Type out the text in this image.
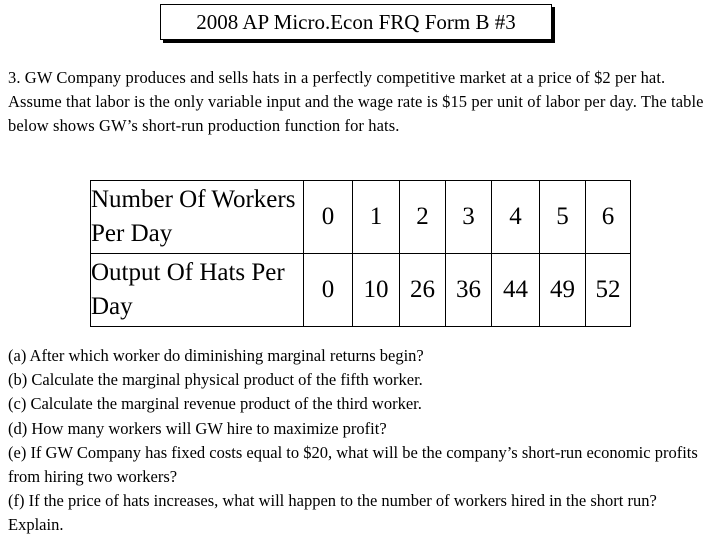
2008 AP Micro.Econ FRQ Form B #3

3. GW Company produces and sells hats in a perfectly competitive market at a price of $2 per hat. Assume that labor is the only variable input and the wage rate is $15 per unit of labor per day. The table below shows GW’s short-run production function for hats.

Number Of Workers Per Day	0	1	2	3	4	5	6
Output Of Hats Per Day	0	10	26	36	44	49	52
(a) After which worker do diminishing marginal returns begin?
(b) Calculate the marginal physical product of the fifth worker.
(c) Calculate the marginal revenue product of the third worker.
(d) How many workers will GW hire to maximize profit?
(e) If GW Company has fixed costs equal to $20, what will be the company’s short-run economic profits from hiring two workers?
(f) If the price of hats increases, what will happen to the number of workers hired in the short run? Explain.
